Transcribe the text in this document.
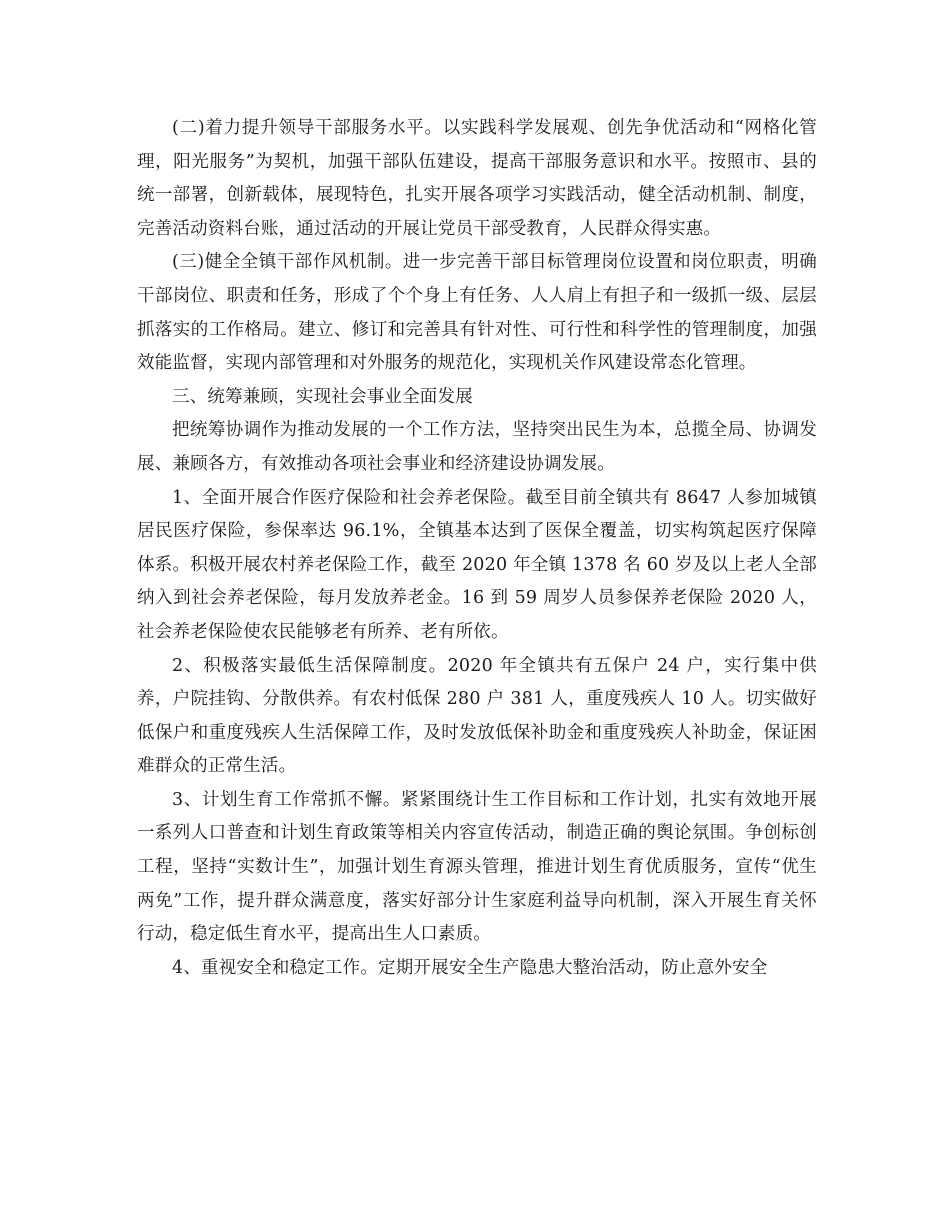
(二)着力提升领导干部服务水平。以实践科学发展观、创先争优活动和“网格化管理，阳光服务”为契机，加强干部队伍建设，提高干部服务意识和水平。按照市、县的统一部署，创新载体，展现特色，扎实开展各项学习实践活动，健全活动机制、制度，完善活动资料台账，通过活动的开展让党员干部受教育，人民群众得实惠。

(三)健全全镇干部作风机制。进一步完善干部目标管理岗位设置和岗位职责，明确干部岗位、职责和任务，形成了个个身上有任务、人人肩上有担子和一级抓一级、层层抓落实的工作格局。建立、修订和完善具有针对性、可行性和科学性的管理制度，加强效能监督，实现内部管理和对外服务的规范化，实现机关作风建设常态化管理。

三、统筹兼顾，实现社会事业全面发展

把统筹协调作为推动发展的一个工作方法，坚持突出民生为本，总揽全局、协调发展、兼顾各方，有效推动各项社会事业和经济建设协调发展。

1、全面开展合作医疗保险和社会养老保险。截至目前全镇共有 8647 人参加城镇居民医疗保险，参保率达 96.1%，全镇基本达到了医保全覆盖，切实构筑起医疗保障体系。积极开展农村养老保险工作，截至 2020 年全镇 1378 名 60 岁及以上老人全部纳入到社会养老保险，每月发放养老金。16 到 59 周岁人员参保养老保险 2020 人，社会养老保险使农民能够老有所养、老有所依。

2、积极落实最低生活保障制度。2020 年全镇共有五保户 24 户，实行集中供养，户院挂钩、分散供养。有农村低保 280 户 381 人，重度残疾人 10 人。切实做好低保户和重度残疾人生活保障工作，及时发放低保补助金和重度残疾人补助金，保证困难群众的正常生活。

3、计划生育工作常抓不懈。紧紧围绕计生工作目标和工作计划，扎实有效地开展一系列人口普查和计划生育政策等相关内容宣传活动，制造正确的舆论氛围。争创标创工程，坚持“实数计生”，加强计划生育源头管理，推进计划生育优质服务，宣传“优生两免”工作，提升群众满意度，落实好部分计生家庭利益导向机制，深入开展生育关怀行动，稳定低生育水平，提高出生人口素质。

4、重视安全和稳定工作。定期开展安全生产隐患大整治活动，防止意外安全
